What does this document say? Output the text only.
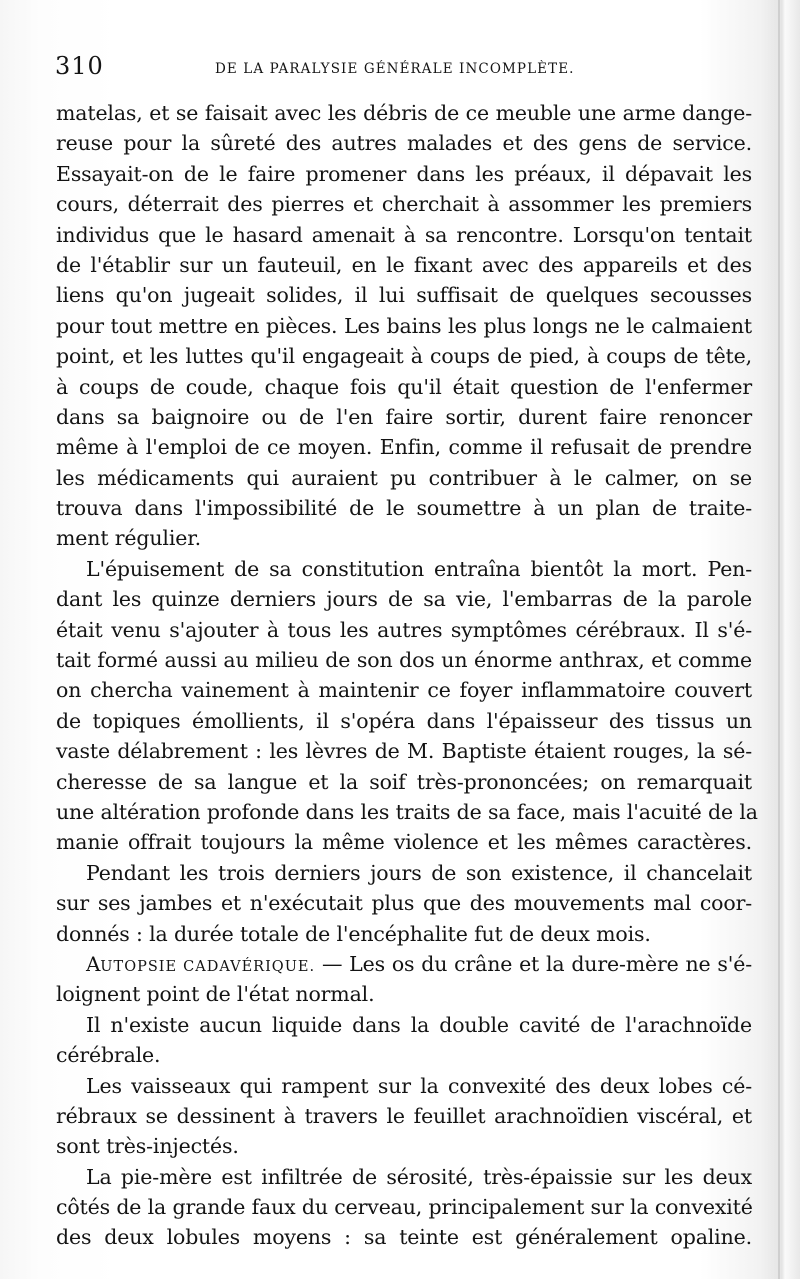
310	DE LA PARALYSIE GÉNÉRALE INCOMPLÈTE.
matelas, et se faisait avec les débris de ce meuble une arme dange-
reuse pour la sûreté des autres malades et des gens de service.
Essayait-on de le faire promener dans les préaux, il dépavait les
cours, déterrait des pierres et cherchait à assommer les premiers
individus que le hasard amenait à sa rencontre. Lorsqu'on tentait
de l'établir sur un fauteuil, en le fixant avec des appareils et des
liens qu'on jugeait solides, il lui suffisait de quelques secousses
pour tout mettre en pièces. Les bains les plus longs ne le calmaient
point, et les luttes qu'il engageait à coups de pied, à coups de tête,
à coups de coude, chaque fois qu'il était question de l'enfermer
dans sa baignoire ou de l'en faire sortir, durent faire renoncer
même à l'emploi de ce moyen. Enfin, comme il refusait de prendre
les médicaments qui auraient pu contribuer à le calmer, on se
trouva dans l'impossibilité de le soumettre à un plan de traite-
ment régulier.
L'épuisement de sa constitution entraîna bientôt la mort. Pen-
dant les quinze derniers jours de sa vie, l'embarras de la parole
était venu s'ajouter à tous les autres symptômes cérébraux. Il s'é-
tait formé aussi au milieu de son dos un énorme anthrax, et comme
on chercha vainement à maintenir ce foyer inflammatoire couvert
de topiques émollients, il s'opéra dans l'épaisseur des tissus un
vaste délabrement : les lèvres de M. Baptiste étaient rouges, la sé-
cheresse de sa langue et la soif très-prononcées; on remarquait
une altération profonde dans les traits de sa face, mais l'acuité de la
manie offrait toujours la même violence et les mêmes caractères.
Pendant les trois derniers jours de son existence, il chancelait
sur ses jambes et n'exécutait plus que des mouvements mal coor-
donnés : la durée totale de l'encéphalite fut de deux mois.
AUTOPSIE CADAVÉRIQUE. — Les os du crâne et la dure-mère ne s'é-
loignent point de l'état normal.
Il n'existe aucun liquide dans la double cavité de l'arachnoïde
cérébrale.
Les vaisseaux qui rampent sur la convexité des deux lobes cé-
rébraux se dessinent à travers le feuillet arachnoïdien viscéral, et
sont très-injectés.
La pie-mère est infiltrée de sérosité, très-épaissie sur les deux
côtés de la grande faux du cerveau, principalement sur la convexité
des deux lobules moyens : sa teinte est généralement opaline.
